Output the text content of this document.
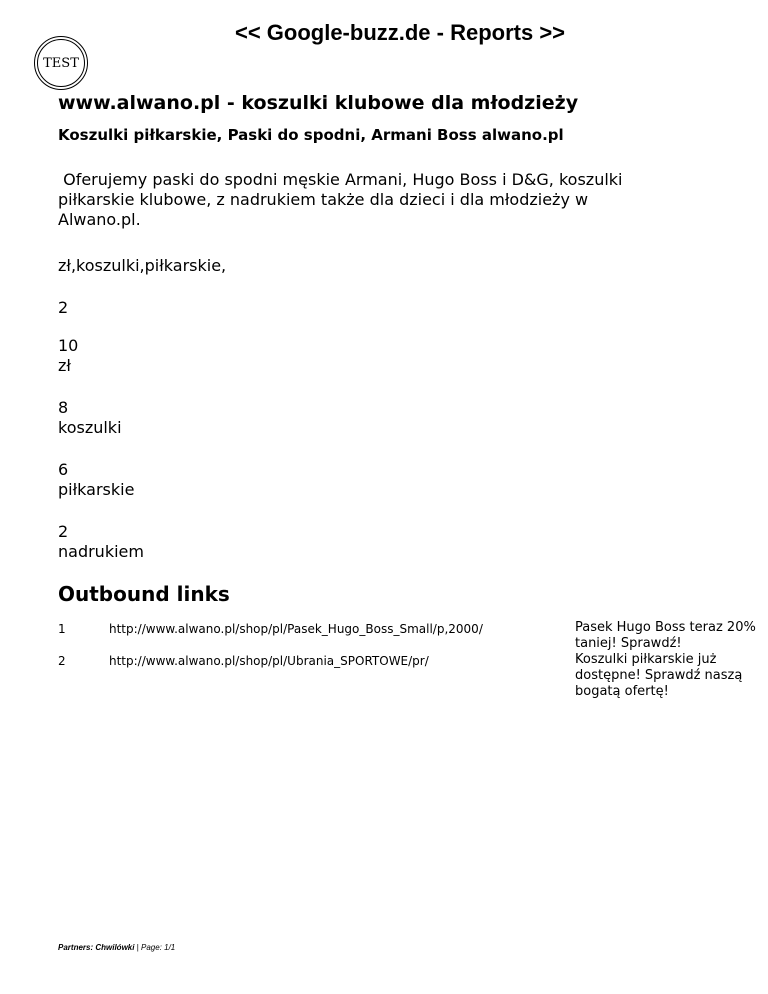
<< Google-buzz.de - Reports >>
TEST
www.alwano.pl - koszulki klubowe dla młodzieży
Koszulki piłkarskie, Paski do spodni, Armani Boss alwano.pl

Oferujemy paski do spodni męskie Armani, Hugo Boss i D&G, koszulki
piłkarskie klubowe, z nadrukiem także dla dzieci i dla młodzieży w
Alwano.pl.

zł,koszulki,piłkarskie,

2

10
zł
8
koszulki
6
piłkarskie
2
nadrukiem
Outbound links
1	http://www.alwano.pl/shop/pl/Pasek_Hugo_Boss_Small/p,2000/
2	http://www.alwano.pl/shop/pl/Ubrania_SPORTOWE/pr/
Pasek Hugo Boss teraz 20% taniej! Sprawdź!
Koszulki piłkarskie już dostępne! Sprawdź naszą bogatą ofertę!
Partners: Chwilówki | Page: 1/1
